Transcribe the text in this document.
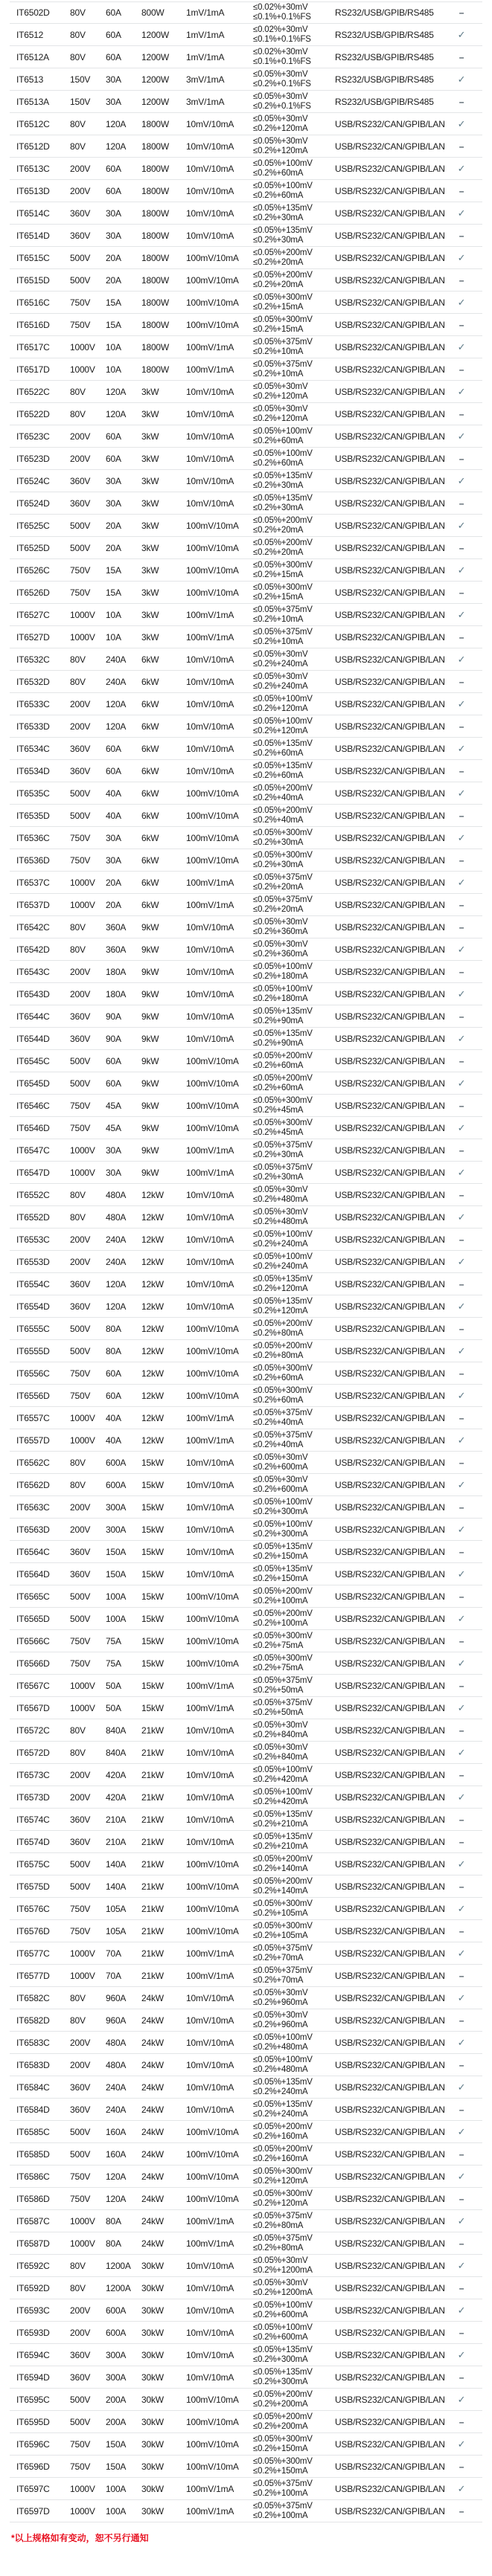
IT6502D 80V 60A 800W 1mV/1mA	≤0.02%+30mV
≤0.1%+0.1%FS	RS232/USB/GPIB/RS485	–
IT6512	80V 60A 1200W 1mV/1mA	≤0.02%+30mV
≤0.1%+0.1%FS	RS232/USB/GPIB/RS485	✓
IT6512A 80V 60A 1200W 1mV/1mA	≤0.02%+30mV
≤0.1%+0.1%FS	RS232/USB/GPIB/RS485	–
IT6513	150V 30A 1200W 3mV/1mA	≤0.05%+30mV
≤0.2%+0.1%FS	RS232/USB/GPIB/RS485	✓
IT6513A 150V 30A 1200W 3mV/1mA	≤0.05%+30mV
≤0.2%+0.1%FS	RS232/USB/GPIB/RS485	–
IT6512C 80V 120A 1800W 10mV/10mA ≤0.05%+30mV
≤0.2%+120mA	USB/RS232/CAN/GPIB/LAN	✓
IT6512D 80V 120A 1800W 10mV/10mA ≤0.05%+30mV
≤0.2%+120mA	USB/RS232/CAN/GPIB/LAN	–
IT6513C 200V 60A 1800W 10mV/10mA ≤0.05%+100mV
≤0.2%+60mA	USB/RS232/CAN/GPIB/LAN	✓
IT6513D 200V 60A 1800W 10mV/10mA ≤0.05%+100mV
≤0.2%+60mA	USB/RS232/CAN/GPIB/LAN	–
IT6514C 360V 30A 1800W 10mV/10mA ≤0.05%+135mV
≤0.2%+30mA	USB/RS232/CAN/GPIB/LAN	✓
IT6514D 360V 30A 1800W 10mV/10mA ≤0.05%+135mV
≤0.2%+30mA	USB/RS232/CAN/GPIB/LAN	–
IT6515C 500V 20A 1800W 100mV/10mA ≤0.05%+200mV
≤0.2%+20mA	USB/RS232/CAN/GPIB/LAN	✓
IT6515D 500V 20A 1800W 100mV/10mA ≤0.05%+200mV
≤0.2%+20mA	USB/RS232/CAN/GPIB/LAN	–
IT6516C 750V 15A 1800W 100mV/10mA ≤0.05%+300mV
≤0.2%+15mA	USB/RS232/CAN/GPIB/LAN	✓
IT6516D 750V 15A 1800W 100mV/10mA ≤0.05%+300mV
≤0.2%+15mA	USB/RS232/CAN/GPIB/LAN	–
IT6517C 1000V 10A 1800W 100mV/1mA ≤0.05%+375mV
≤0.2%+10mA	USB/RS232/CAN/GPIB/LAN	✓
IT6517D 1000V 10A 1800W 100mV/1mA ≤0.05%+375mV
≤0.2%+10mA	USB/RS232/CAN/GPIB/LAN	–
IT6522C 80V 120A 3kW	10mV/10mA ≤0.05%+30mV
≤0.2%+120mA	USB/RS232/CAN/GPIB/LAN	✓
IT6522D 80V 120A 3kW	10mV/10mA ≤0.05%+30mV
≤0.2%+120mA	USB/RS232/CAN/GPIB/LAN	–
IT6523C 200V 60A 3kW	10mV/10mA ≤0.05%+100mV
≤0.2%+60mA	USB/RS232/CAN/GPIB/LAN	✓
IT6523D 200V 60A 3kW	10mV/10mA ≤0.05%+100mV
≤0.2%+60mA	USB/RS232/CAN/GPIB/LAN	–
IT6524C 360V 30A 3kW	10mV/10mA ≤0.05%+135mV
≤0.2%+30mA	USB/RS232/CAN/GPIB/LAN	✓
IT6524D 360V 30A 3kW	10mV/10mA ≤0.05%+135mV
≤0.2%+30mA	USB/RS232/CAN/GPIB/LAN	–
IT6525C 500V 20A 3kW	100mV/10mA ≤0.05%+200mV
≤0.2%+20mA	USB/RS232/CAN/GPIB/LAN	✓
IT6525D 500V 20A 3kW	100mV/10mA ≤0.05%+200mV
≤0.2%+20mA	USB/RS232/CAN/GPIB/LAN	–
IT6526C 750V 15A 3kW	100mV/10mA ≤0.05%+300mV
≤0.2%+15mA	USB/RS232/CAN/GPIB/LAN	✓
IT6526D 750V 15A 3kW	100mV/10mA ≤0.05%+300mV
≤0.2%+15mA	USB/RS232/CAN/GPIB/LAN	–
IT6527C 1000V 10A 3kW	100mV/1mA ≤0.05%+375mV
≤0.2%+10mA	USB/RS232/CAN/GPIB/LAN	✓
IT6527D 1000V 10A 3kW	100mV/1mA ≤0.05%+375mV
≤0.2%+10mA	USB/RS232/CAN/GPIB/LAN	–
IT6532C 80V 240A 6kW	10mV/10mA ≤0.05%+30mV
≤0.2%+240mA	USB/RS232/CAN/GPIB/LAN	✓
IT6532D 80V 240A 6kW	10mV/10mA ≤0.05%+30mV
≤0.2%+240mA	USB/RS232/CAN/GPIB/LAN	–
IT6533C 200V 120A 6kW	10mV/10mA ≤0.05%+100mV
≤0.2%+120mA	USB/RS232/CAN/GPIB/LAN	✓
IT6533D 200V 120A 6kW	10mV/10mA ≤0.05%+100mV
≤0.2%+120mA	USB/RS232/CAN/GPIB/LAN	–
IT6534C 360V 60A 6kW	10mV/10mA ≤0.05%+135mV
≤0.2%+60mA	USB/RS232/CAN/GPIB/LAN	✓
IT6534D 360V 60A 6kW	10mV/10mA ≤0.05%+135mV
≤0.2%+60mA	USB/RS232/CAN/GPIB/LAN	–
IT6535C 500V 40A 6kW	100mV/10mA ≤0.05%+200mV
≤0.2%+40mA	USB/RS232/CAN/GPIB/LAN	✓
IT6535D 500V 40A 6kW	100mV/10mA ≤0.05%+200mV
≤0.2%+40mA	USB/RS232/CAN/GPIB/LAN	–
IT6536C 750V 30A 6kW	100mV/10mA ≤0.05%+300mV
≤0.2%+30mA	USB/RS232/CAN/GPIB/LAN	✓
IT6536D 750V 30A 6kW	100mV/10mA ≤0.05%+300mV
≤0.2%+30mA	USB/RS232/CAN/GPIB/LAN	–
IT6537C 1000V 20A 6kW	100mV/1mA ≤0.05%+375mV
≤0.2%+20mA	USB/RS232/CAN/GPIB/LAN	✓
IT6537D 1000V 20A 6kW	100mV/1mA ≤0.05%+375mV
≤0.2%+20mA	USB/RS232/CAN/GPIB/LAN	–
IT6542C 80V 360A 9kW	10mV/10mA ≤0.05%+30mV
≤0.2%+360mA	USB/RS232/CAN/GPIB/LAN	–
IT6542D 80V 360A 9kW	10mV/10mA ≤0.05%+30mV
≤0.2%+360mA	USB/RS232/CAN/GPIB/LAN	✓
IT6543C 200V 180A 9kW	10mV/10mA ≤0.05%+100mV
≤0.2%+180mA	USB/RS232/CAN/GPIB/LAN	–
IT6543D 200V 180A 9kW	10mV/10mA ≤0.05%+100mV
≤0.2%+180mA	USB/RS232/CAN/GPIB/LAN	✓
IT6544C 360V 90A 9kW	10mV/10mA ≤0.05%+135mV
≤0.2%+90mA	USB/RS232/CAN/GPIB/LAN	–
IT6544D 360V 90A 9kW	10mV/10mA ≤0.05%+135mV
≤0.2%+90mA	USB/RS232/CAN/GPIB/LAN	✓
IT6545C 500V 60A 9kW	100mV/10mA ≤0.05%+200mV
≤0.2%+60mA	USB/RS232/CAN/GPIB/LAN	–
IT6545D 500V 60A 9kW	100mV/10mA ≤0.05%+200mV
≤0.2%+60mA	USB/RS232/CAN/GPIB/LAN	✓
IT6546C 750V 45A 9kW	100mV/10mA ≤0.05%+300mV
≤0.2%+45mA	USB/RS232/CAN/GPIB/LAN	–
IT6546D 750V 45A 9kW	100mV/10mA ≤0.05%+300mV
≤0.2%+45mA	USB/RS232/CAN/GPIB/LAN	✓
IT6547C 1000V 30A 9kW	100mV/1mA ≤0.05%+375mV
≤0.2%+30mA	USB/RS232/CAN/GPIB/LAN	–
IT6547D 1000V 30A 9kW	100mV/1mA ≤0.05%+375mV
≤0.2%+30mA	USB/RS232/CAN/GPIB/LAN	✓
IT6552C 80V 480A 12kW	10mV/10mA ≤0.05%+30mV
≤0.2%+480mA	USB/RS232/CAN/GPIB/LAN	–
IT6552D 80V 480A 12kW	10mV/10mA ≤0.05%+30mV
≤0.2%+480mA	USB/RS232/CAN/GPIB/LAN	✓
IT6553C 200V 240A 12kW	10mV/10mA ≤0.05%+100mV
≤0.2%+240mA	USB/RS232/CAN/GPIB/LAN	–
IT6553D 200V 240A 12kW	10mV/10mA ≤0.05%+100mV
≤0.2%+240mA	USB/RS232/CAN/GPIB/LAN	✓
IT6554C 360V 120A 12kW	10mV/10mA ≤0.05%+135mV
≤0.2%+120mA	USB/RS232/CAN/GPIB/LAN	–
IT6554D 360V 120A 12kW	10mV/10mA ≤0.05%+135mV
≤0.2%+120mA	USB/RS232/CAN/GPIB/LAN	✓
IT6555C 500V 80A 12kW	100mV/10mA ≤0.05%+200mV
≤0.2%+80mA	USB/RS232/CAN/GPIB/LAN	–
IT6555D 500V 80A 12kW	100mV/10mA ≤0.05%+200mV
≤0.2%+80mA	USB/RS232/CAN/GPIB/LAN	✓
IT6556C 750V 60A 12kW	100mV/10mA ≤0.05%+300mV
≤0.2%+60mA	USB/RS232/CAN/GPIB/LAN	–
IT6556D 750V 60A 12kW	100mV/10mA ≤0.05%+300mV
≤0.2%+60mA	USB/RS232/CAN/GPIB/LAN	✓
IT6557C 1000V 40A 12kW	100mV/1mA ≤0.05%+375mV
≤0.2%+40mA	USB/RS232/CAN/GPIB/LAN	–
IT6557D 1000V 40A 12kW	100mV/1mA ≤0.05%+375mV
≤0.2%+40mA	USB/RS232/CAN/GPIB/LAN	✓
IT6562C 80V 600A 15kW	10mV/10mA ≤0.05%+30mV
≤0.2%+600mA	USB/RS232/CAN/GPIB/LAN	–
IT6562D 80V 600A 15kW	10mV/10mA ≤0.05%+30mV
≤0.2%+600mA	USB/RS232/CAN/GPIB/LAN	✓
IT6563C 200V 300A 15kW	10mV/10mA ≤0.05%+100mV
≤0.2%+300mA	USB/RS232/CAN/GPIB/LAN	–
IT6563D 200V 300A 15kW	10mV/10mA ≤0.05%+100mV
≤0.2%+300mA	USB/RS232/CAN/GPIB/LAN	✓
IT6564C 360V 150A 15kW	10mV/10mA ≤0.05%+135mV
≤0.2%+150mA	USB/RS232/CAN/GPIB/LAN	–
IT6564D 360V 150A 15kW	10mV/10mA ≤0.05%+135mV
≤0.2%+150mA	USB/RS232/CAN/GPIB/LAN	✓
IT6565C 500V 100A 15kW	100mV/10mA ≤0.05%+200mV
≤0.2%+100mA	USB/RS232/CAN/GPIB/LAN	–
IT6565D 500V 100A 15kW	100mV/10mA ≤0.05%+200mV
≤0.2%+100mA	USB/RS232/CAN/GPIB/LAN	✓
IT6566C 750V 75A 15kW	100mV/10mA ≤0.05%+300mV
≤0.2%+75mA	USB/RS232/CAN/GPIB/LAN	–
IT6566D 750V 75A 15kW	100mV/10mA ≤0.05%+300mV
≤0.2%+75mA	USB/RS232/CAN/GPIB/LAN	✓
IT6567C 1000V 50A 15kW	100mV/1mA ≤0.05%+375mV
≤0.2%+50mA	USB/RS232/CAN/GPIB/LAN	–
IT6567D 1000V 50A 15kW	100mV/1mA ≤0.05%+375mV
≤0.2%+50mA	USB/RS232/CAN/GPIB/LAN	✓
IT6572C 80V 840A 21kW	10mV/10mA ≤0.05%+30mV
≤0.2%+840mA	USB/RS232/CAN/GPIB/LAN	–
IT6572D 80V 840A 21kW	10mV/10mA ≤0.05%+30mV
≤0.2%+840mA	USB/RS232/CAN/GPIB/LAN	✓
IT6573C 200V 420A 21kW	10mV/10mA ≤0.05%+100mV
≤0.2%+420mA	USB/RS232/CAN/GPIB/LAN	–
IT6573D 200V 420A 21kW	10mV/10mA ≤0.05%+100mV
≤0.2%+420mA	USB/RS232/CAN/GPIB/LAN	✓
IT6574C 360V 210A 21kW	10mV/10mA ≤0.05%+135mV
≤0.2%+210mA	USB/RS232/CAN/GPIB/LAN	–
IT6574D 360V 210A 21kW	10mV/10mA ≤0.05%+135mV
≤0.2%+210mA	USB/RS232/CAN/GPIB/LAN	–
IT6575C 500V 140A 21kW	100mV/10mA ≤0.05%+200mV
≤0.2%+140mA	USB/RS232/CAN/GPIB/LAN	✓
IT6575D 500V 140A 21kW	100mV/10mA ≤0.05%+200mV
≤0.2%+140mA	USB/RS232/CAN/GPIB/LAN	–
IT6576C 750V 105A 21kW	100mV/10mA ≤0.05%+300mV
≤0.2%+105mA	USB/RS232/CAN/GPIB/LAN	✓
IT6576D 750V 105A 21kW	100mV/10mA ≤0.05%+300mV
≤0.2%+105mA	USB/RS232/CAN/GPIB/LAN	–
IT6577C 1000V 70A 21kW	100mV/1mA ≤0.05%+375mV
≤0.2%+70mA	USB/RS232/CAN/GPIB/LAN	✓
IT6577D 1000V 70A 21kW	100mV/1mA ≤0.05%+375mV
≤0.2%+70mA	USB/RS232/CAN/GPIB/LAN	–
IT6582C 80V 960A 24kW	10mV/10mA ≤0.05%+30mV
≤0.2%+960mA	USB/RS232/CAN/GPIB/LAN	✓
IT6582D 80V 960A 24kW	10mV/10mA ≤0.05%+30mV
≤0.2%+960mA	USB/RS232/CAN/GPIB/LAN	–
IT6583C 200V 480A 24kW	10mV/10mA ≤0.05%+100mV
≤0.2%+480mA	USB/RS232/CAN/GPIB/LAN	✓
IT6583D 200V 480A 24kW	10mV/10mA ≤0.05%+100mV
≤0.2%+480mA	USB/RS232/CAN/GPIB/LAN	–
IT6584C 360V 240A 24kW	10mV/10mA ≤0.05%+135mV
≤0.2%+240mA	USB/RS232/CAN/GPIB/LAN	✓
IT6584D 360V 240A 24kW	10mV/10mA ≤0.05%+135mV
≤0.2%+240mA	USB/RS232/CAN/GPIB/LAN	–
IT6585C 500V 160A 24kW	100mV/10mA ≤0.05%+200mV
≤0.2%+160mA	USB/RS232/CAN/GPIB/LAN	✓
IT6585D 500V 160A 24kW	100mV/10mA ≤0.05%+200mV
≤0.2%+160mA	USB/RS232/CAN/GPIB/LAN	–
IT6586C 750V 120A 24kW	100mV/10mA ≤0.05%+300mV
≤0.2%+120mA	USB/RS232/CAN/GPIB/LAN	✓
IT6586D 750V 120A 24kW	100mV/10mA ≤0.05%+300mV
≤0.2%+120mA	USB/RS232/CAN/GPIB/LAN	–
IT6587C 1000V 80A 24kW	100mV/1mA ≤0.05%+375mV
≤0.2%+80mA	USB/RS232/CAN/GPIB/LAN	✓
IT6587D 1000V 80A 24kW	100mV/1mA ≤0.05%+375mV
≤0.2%+80mA	USB/RS232/CAN/GPIB/LAN	–
IT6592C 80V 1200A 30kW	10mV/10mA ≤0.05%+30mV
≤0.2%+1200mA	USB/RS232/CAN/GPIB/LAN	✓
IT6592D 80V 1200A 30kW	10mV/10mA ≤0.05%+30mV
≤0.2%+1200mA	USB/RS232/CAN/GPIB/LAN	–
IT6593C 200V 600A 30kW	10mV/10mA ≤0.05%+100mV
≤0.2%+600mA	USB/RS232/CAN/GPIB/LAN	✓
IT6593D 200V 600A 30kW	10mV/10mA ≤0.05%+100mV
≤0.2%+600mA	USB/RS232/CAN/GPIB/LAN	–
IT6594C 360V 300A 30kW	10mV/10mA ≤0.05%+135mV
≤0.2%+300mA	USB/RS232/CAN/GPIB/LAN	✓
IT6594D 360V 300A 30kW	10mV/10mA ≤0.05%+135mV
≤0.2%+300mA	USB/RS232/CAN/GPIB/LAN	–
IT6595C 500V 200A 30kW	100mV/10mA ≤0.05%+200mV
≤0.2%+200mA	USB/RS232/CAN/GPIB/LAN	✓
IT6595D 500V 200A 30kW	100mV/10mA ≤0.05%+200mV
≤0.2%+200mA	USB/RS232/CAN/GPIB/LAN	–
IT6596C 750V 150A 30kW	100mV/10mA ≤0.05%+300mV
≤0.2%+150mA	USB/RS232/CAN/GPIB/LAN	✓
IT6596D 750V 150A 30kW	100mV/10mA ≤0.05%+300mV
≤0.2%+150mA	USB/RS232/CAN/GPIB/LAN	–
IT6597C 1000V 100A 30kW	100mV/1mA ≤0.05%+375mV
≤0.2%+100mA	USB/RS232/CAN/GPIB/LAN	✓
IT6597D 1000V 100A 30kW	100mV/1mA ≤0.05%+375mV
≤0.2%+100mA	USB/RS232/CAN/GPIB/LAN	–
*以上规格如有变动，恕不另行通知
